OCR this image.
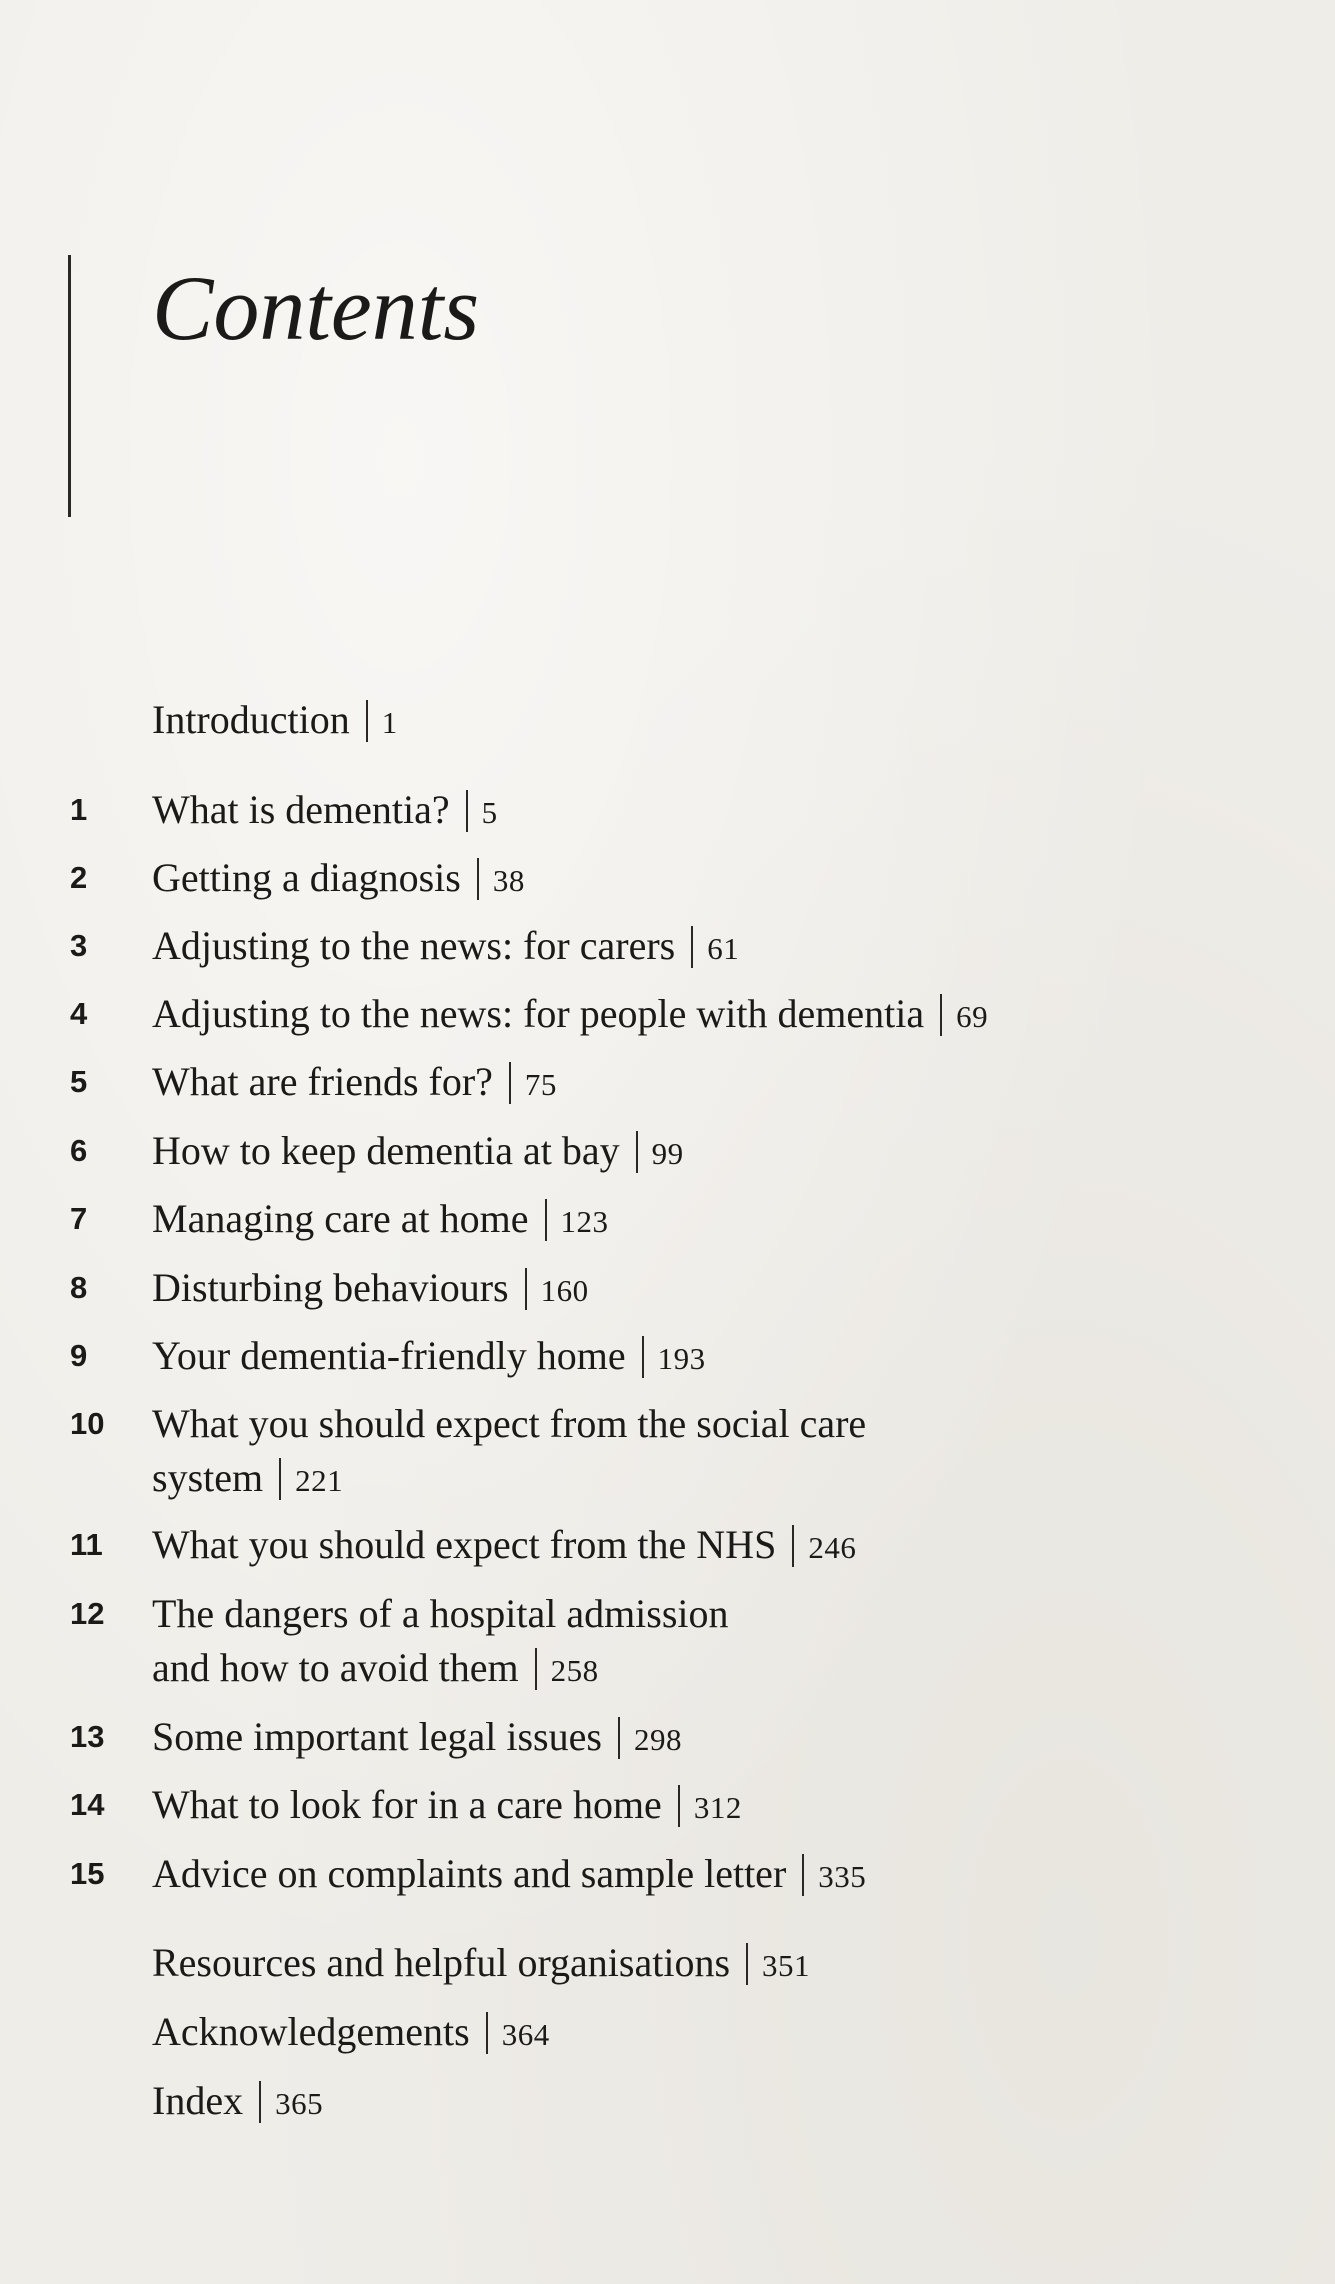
Contents
Introduction 1
1 What is dementia? 5
2 Getting a diagnosis 38
3 Adjusting to the news: for carers 61
4 Adjusting to the news: for people with dementia 69
5 What are friends for? 75
6 How to keep dementia at bay 99
7 Managing care at home 123
8 Disturbing behaviours 160
9 Your dementia-friendly home 193
10 What you should expect from the social care
system 221
11 What you should expect from the NHS 246
12 The dangers of a hospital admission
and how to avoid them 258
13 Some important legal issues 298
14 What to look for in a care home 312
15 Advice on complaints and sample letter 335
Resources and helpful organisations 351
Acknowledgements 364
Index 365
